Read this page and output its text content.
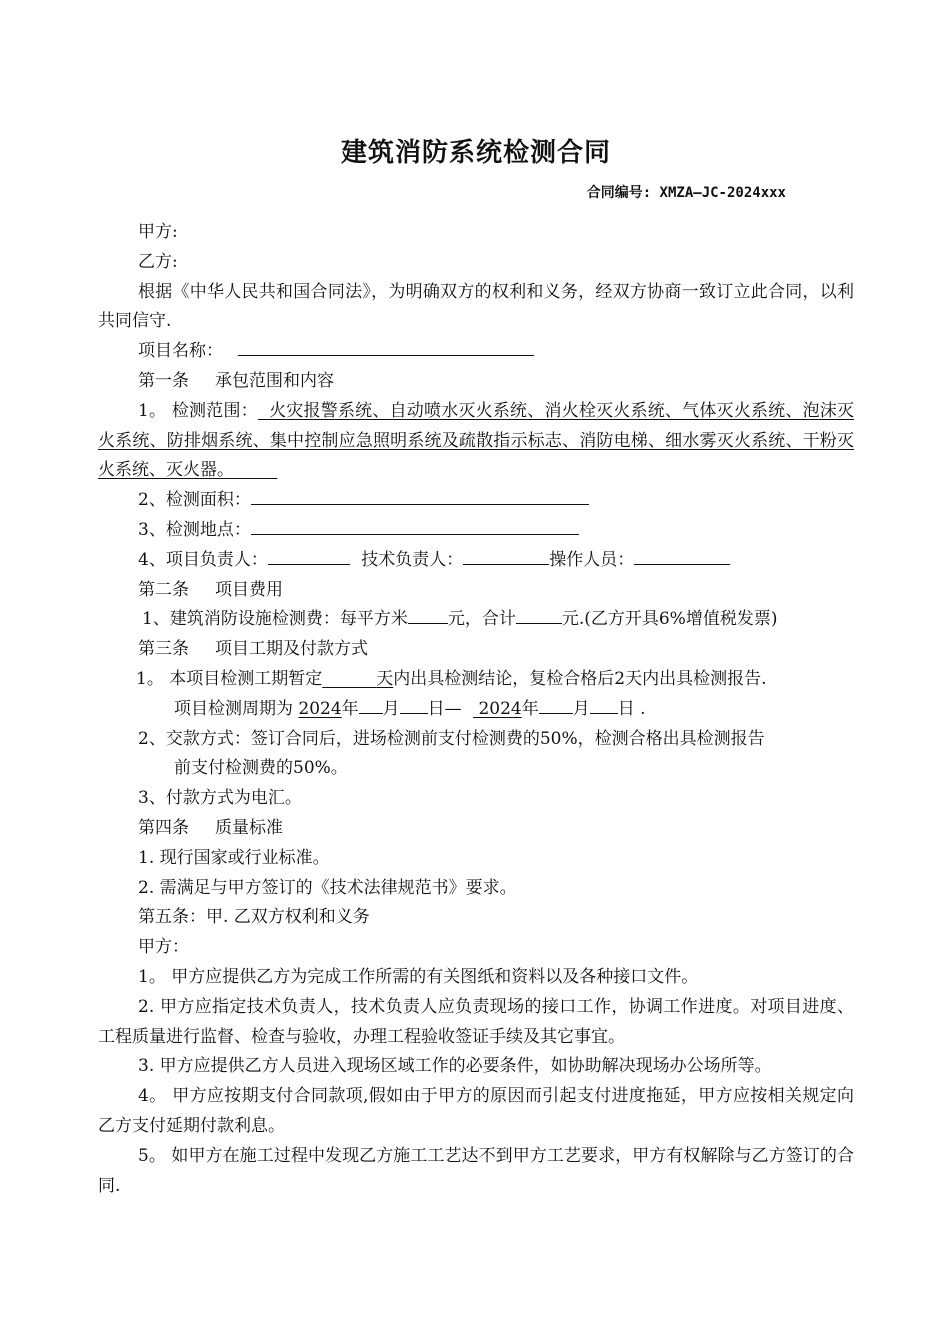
建筑消防系统检测合同
合同编号: XMZA—JC-2024xxx
甲方:
乙方:
根据《中华人民共和国合同法》，为明确双方的权利和义务，经双方协商一致订立此合同，以利共同信守.
项目名称：
第一条 承包范围和内容
1。 检测范围： 火灾报警系统、自动喷水灭火系统、消火栓灭火系统、气体灭火系统、泡沫灭火系统、防排烟系统、集中控制应急照明系统及疏散指示标志、消防电梯、细水雾灭火系统、干粉灭火系统、灭火器。
2、检测面积：
3、检测地点：
4、项目负责人：	技术负责人：	操作人员：
第二条 项目费用
1、建筑消防设施检测费：每平方米 元，合计	元.(乙方开具6%增值税发票)
第三条 项目工期及付款方式
1。 本项目检测工期暂定	天内出具检测结论，复检合格后2天内出具检测报告.
项目检测周期为 2024年 月 日— 2024年 月 日 .
2、交款方式：签订合同后，进场检测前支付检测费的50%，检测合格出具检测报告
前支付检测费的50%。
3、付款方式为电汇。
第四条 质量标准
1. 现行国家或行业标准。
2. 需满足与甲方签订的《技术法律规范书》要求。
第五条：甲. 乙双方权利和义务
甲方：
1。 甲方应提供乙方为完成工作所需的有关图纸和资料以及各种接口文件。
2. 甲方应指定技术负责人，技术负责人应负责现场的接口工作，协调工作进度。对项目进度、工程质量进行监督、检查与验收，办理工程验收签证手续及其它事宜。
3. 甲方应提供乙方人员进入现场区域工作的必要条件，如协助解决现场办公场所等。
4。 甲方应按期支付合同款项,假如由于甲方的原因而引起支付进度拖延，甲方应按相关规定向乙方支付延期付款利息。
5。 如甲方在施工过程中发现乙方施工工艺达不到甲方工艺要求，甲方有权解除与乙方签订的合同.
